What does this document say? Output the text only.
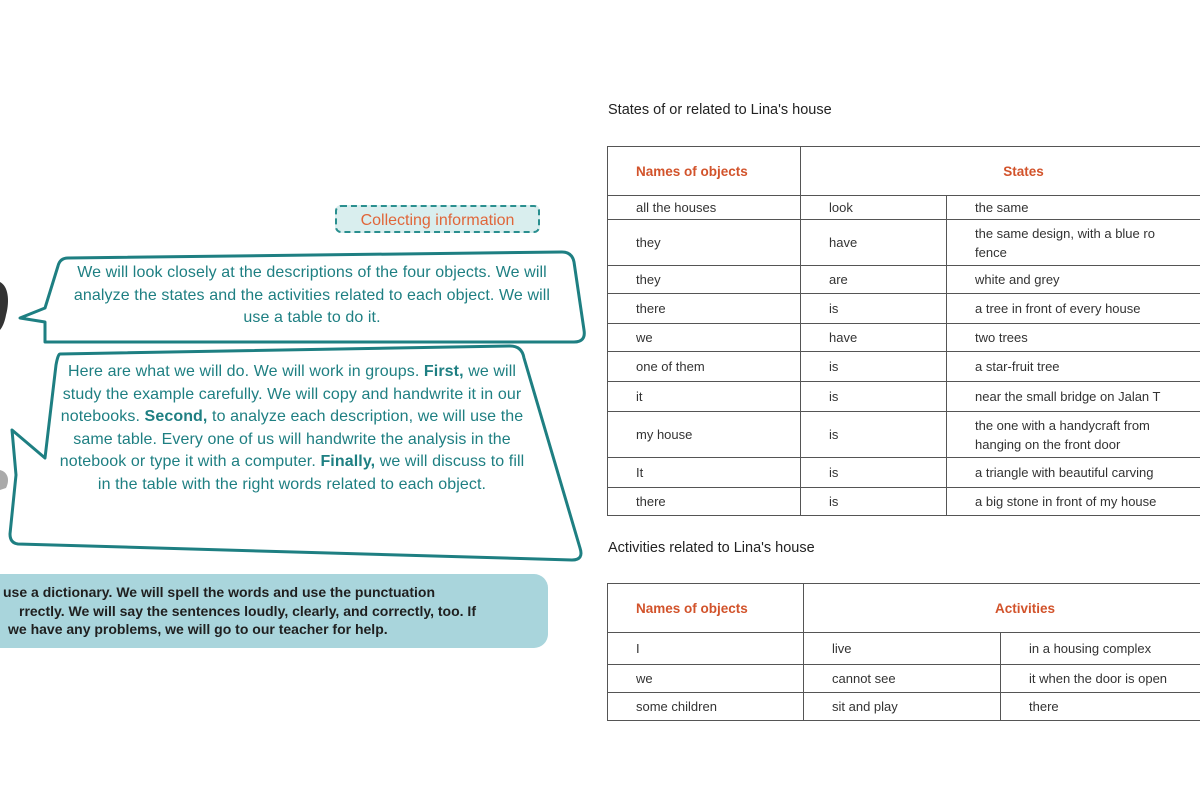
Collecting information
We will look closely at the descriptions of the four objects. We will analyze the states and the activities related to each object. We will use a table to do it.
Here are what we will do. We will work in groups. First, we will study the example carefully. We will copy and handwrite it in our notebooks. Second, to analyze each description, we will use the same table. Every one of us will handwrite the analysis in the notebook or type it with a computer. Finally, we will discuss to fill in the table with the right words related to each object.
use a dictionary. We will spell the words and use the punctuation
rrectly. We will say the sentences loudly, clearly, and correctly, too. If
we have any problems, we will go to our teacher for help.
States of or related to Lina's house
Names of objects	States	

all the houses	look	the same

they	have	the same design, with a blue ro
fence

they	are	white and grey

there	is	a tree in front of every house

we	have	two trees

one of them	is	a star-fruit tree

it	is	near the small bridge on Jalan T

my house	is	the one with a handycraft from
hanging on the front door

It	is	a triangle with beautiful carving

there	is	a big stone in front of my house
Activities related to Lina's house
Names of objects	Activities	

I	live	in a housing complex

we	cannot see	it when the door is open

some children	sit and play	there
